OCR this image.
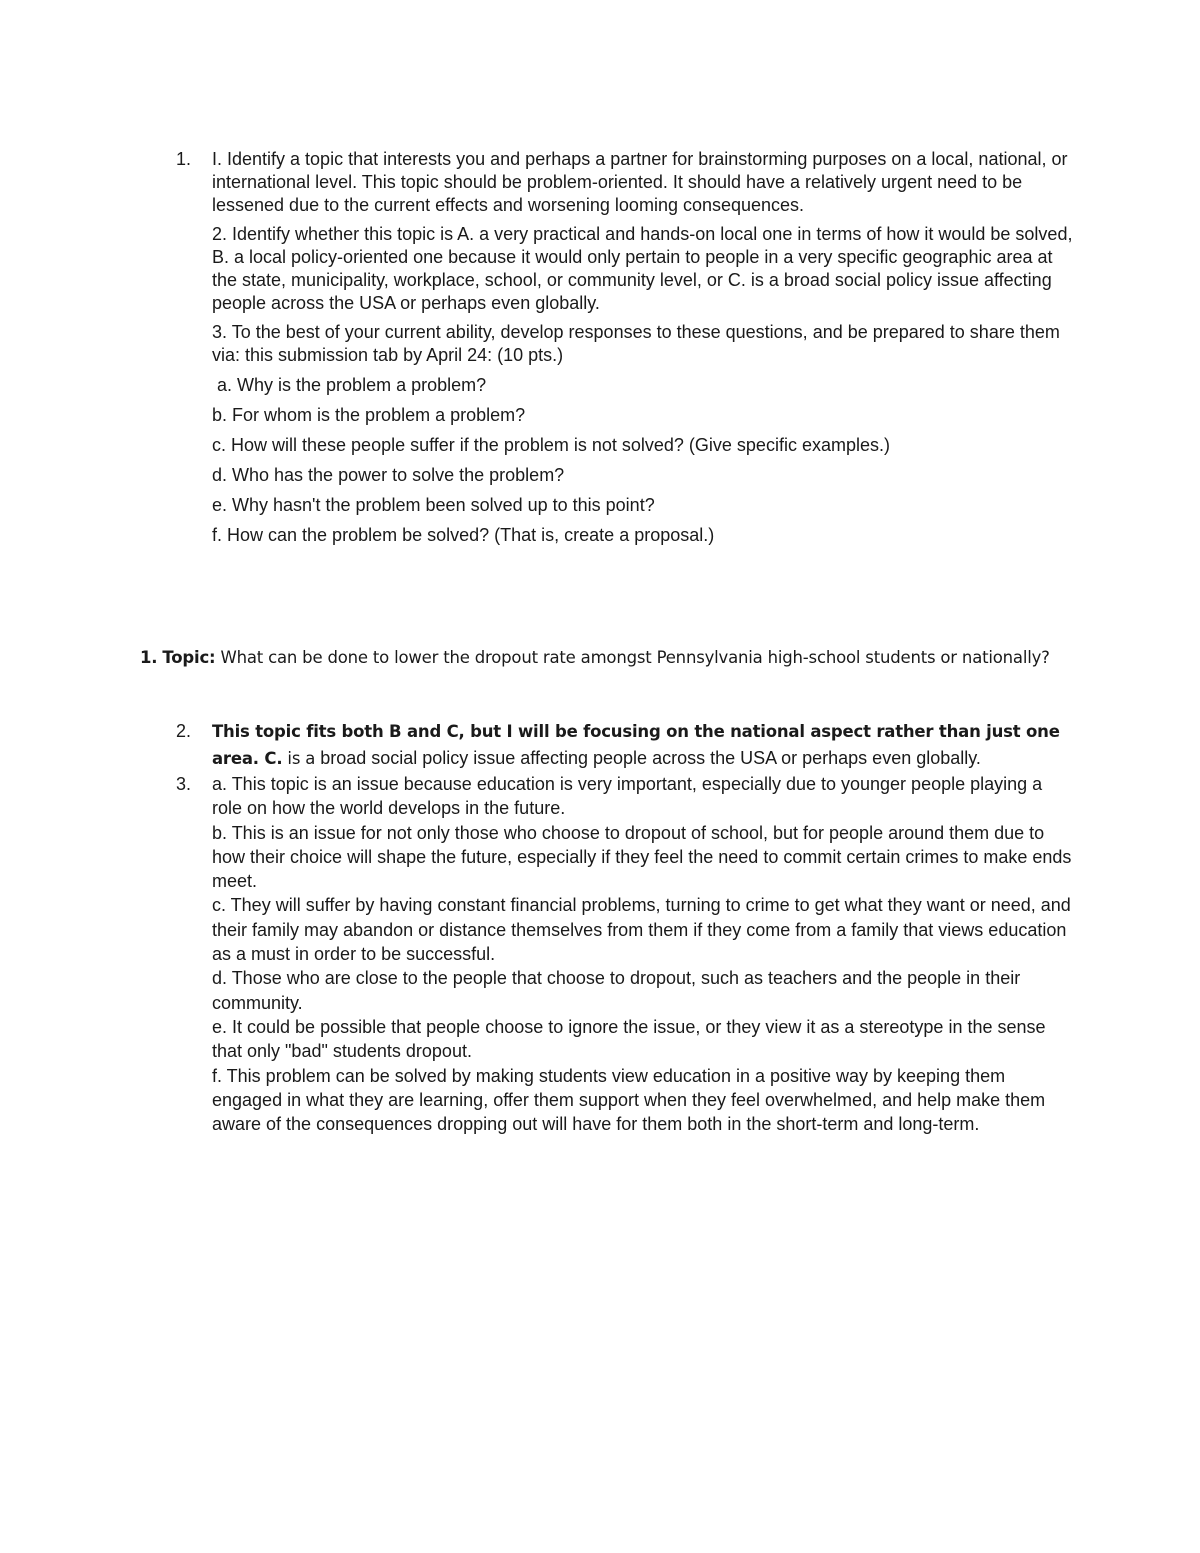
1.	I. Identify a topic that interests you and perhaps a partner for brainstorming purposes on a local, national, or international level. This topic should be problem-oriented. It should have a relatively urgent need to be lessened due to the current effects and worsening looming consequences.
2. Identify whether this topic is A. a very practical and hands-on local one in terms of how it would be solved, B. a local policy-oriented one because it would only pertain to people in a very specific geographic area at the state, municipality, workplace, school, or community level, or C. is a broad social policy issue affecting people across the USA or perhaps even globally.
3. To the best of your current ability, develop responses to these questions, and be prepared to share them via: this submission tab by April 24: (10 pts.)
a. Why is the problem a problem?
b. For whom is the problem a problem?
c. How will these people suffer if the problem is not solved? (Give specific examples.)
d. Who has the power to solve the problem?
e. Why hasn't the problem been solved up to this point?
f. How can the problem be solved? (That is, create a proposal.)
1. Topic: What can be done to lower the dropout rate amongst Pennsylvania high-school students or nationally?
2.	This topic fits both B and C, but I will be focusing on the national aspect rather than just one area. C. is a broad social policy issue affecting people across the USA or perhaps even globally.
3.	a. This topic is an issue because education is very important, especially due to younger people playing a role on how the world develops in the future.
b. This is an issue for not only those who choose to dropout of school, but for people around them due to how their choice will shape the future, especially if they feel the need to commit certain crimes to make ends meet.
c. They will suffer by having constant financial problems, turning to crime to get what they want or need, and their family may abandon or distance themselves from them if they come from a family that views education as a must in order to be successful.
d. Those who are close to the people that choose to dropout, such as teachers and the people in their community.
e. It could be possible that people choose to ignore the issue, or they view it as a stereotype in the sense that only "bad" students dropout.
f. This problem can be solved by making students view education in a positive way by keeping them engaged in what they are learning, offer them support when they feel overwhelmed, and help make them aware of the consequences dropping out will have for them both in the short-term and long-term.
